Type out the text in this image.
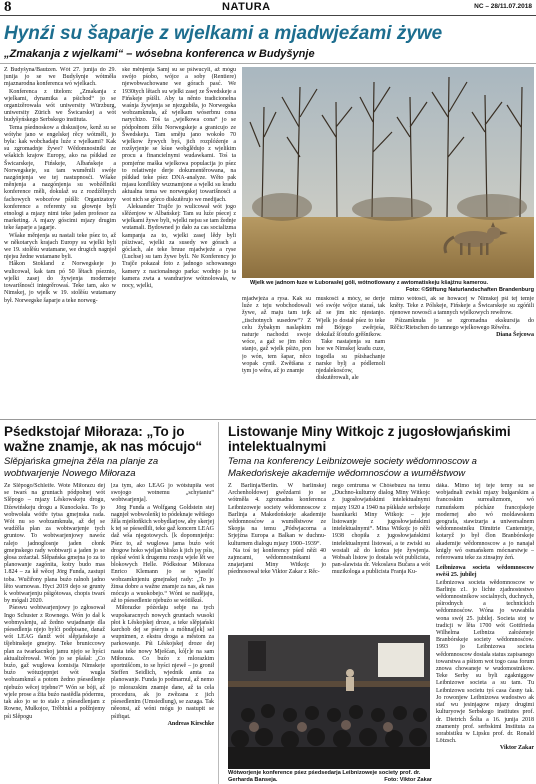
8	NATURA	NC – 28/11.07.2018
Hynźi su šaparje z wjelkami a mjadwjeźami żywe
„Zmakanja z wjelkami“ – wósebna konferenca w Budyšynje

Z Budyšyna/Bautzen. Wót 27. junija do 29. junija jo se we Budyšynje wótměła mjaznarodna konferenca wó wjelkach.

Konferenca z titelom: „Zmakanja z wjelkami, dynamika a pśichod“ jo se organizěrowała wót uniwersity Würzburg, uniwersity Zürich we Šwicarskej a wót budyšyńskego Serbskego instituta.

Tema pśednoskow a diskusijow, kenž su se wótyhe jano w engelskej rěcy wótměli, jo była: kak wobchadaju luźe z wjelkami? Kak su zgromadnje žywe? Wědomnostniki ze wšakich krajow Europy, ako na pśikład ze Šwicarskeje, Fińskeje, Albańskeje a Norwegskeje, su tam wuměnili swóje nazgónjenja we tej nastupnosći. Wšake měnjenja a nazgónjenja su wobźělniki konference měli, dokulaž su z rozdźělnych fachowych wobceŕow pśišli: Organizatory konference a referenty su głownje byli etnologi a mjazy nimi teke jaden profesor za marketing. A mjazy góscimi mjazy drugim teke šaparje a jagarje.

Wšake měnjenja su nastali teke pśez to, až w někotarych krajach Europy su wjelki byli we 19. stolěśu wutamane, we drugich nagnjeł njejsu žedne wutamane byli.

Håkon Stokland z Norwegskeje jo wulicował, kak tam pó 50 lětach pśeznio, wjelki zasej do žywjenja moderneje towarišnosći integrěrowaś. Teke tam, ako w Nimskej, jo wjelk w 19. stolěśu wutamany był. Norwegske šaparje a teke norweg-

ske měnjenja Samj su se pśiwucyli, až mógu swójo pśobo, wójce a soby (Rentiere) njewobwachowane we górach pasć. We 1930tych lětach su wjelki zasej ze Šwedskeje a Fińskeje pśišli. Aby ta něnto tradicionelna waśnja žywjenja se njezgubiła, jo Norwegska wobzamknuła, až wjelkam wóserbnu cona narychizo. Toś ta „wjelkowa cona“ jo se pódpołnom źělu Norwegskeje a granicujo ze Šwedskeju. Tam směju jano wokoło 70 wjelkow žywych byś, jich rozplóźenje a rozšyrjenje se kśue wobglědujo z wjelikim procu a financielnymi wudawkami. Toś ta pomjeŕne maška wjelkowa populacija jo pśez to relatiwnje derje dokumentěrowana, na pśikład teke pśez DNA-analyze. Wěto pak mjasu konflikty wuznamjone a wjelki su kradu aktualna tema we norwegskej towarišnosći a wot nich se górco diskutěrujo we medijach.

Aleksander Trajče jo wulicował wót jogo slěźenjow w Albańskej: Tam su luźe pśecej z wjelkami žywe byli, wjelki nejsu se tam žednje wutamali. Bydowned jo dało za cas socializma kampanja za to, wjelki zasej lědy byli pśiziwać, wjelki za susedy we górach a góclach, ale teke bruue mjadwjeźe a ryse (Luchse) su tam žywe byli. Ne Konferency jo Trajče pokazał foto z jadnogo schowanego kamery z nacionalnego parka: wodnjo jo ta kamera zwta a wandrarjow wótnolowała, w nocy, wjelki,

Wjelk we jadnom łuze w Łuborasłej góli, wótnotlowany z awtomatiskeju kšajźnu kamerou.
Foto: ©Stiftung Naturlandschaften Brandenburg

mjadwjeźa a rysa. Kak su luźe z teju wobchodowali žywe, až maju tam tejk „tischotnych susedow“? Z celu žybakym naslapkim naturje nachodzi swoje wóce, a gaž se jim něco stanjo, gaž wjelk pśiżo, pon jo wón, tem šapar, něco wopak cynił. Zwětšana z tym jo wěra, až jo znamje

muskosći a mócy, se derje wó swóje wójce staraś, tak až se jim nic njestanjo. Wjelk jo dostał pśez to teke mě Bójego zwěrjeśa, dokulaž šťotufo grěšnikow.

Take nastajenja su nam hoe we Nimskej kradu cuze, togodla su pśishachanje narske bylj a pódlemoli njedalekosćow, diskutěrowali, ale

mimo wótosći, ak se howacej w Nimskej pśi tej temje kněty. Teke z Pólskeje, Fińskeje a Šwicarskeje su zgóńili njenowe nowosći a tamnych wjelkowych rewěrow.

Pśizamknuła jo se zgromadna ekskursija do Rěčic/Rietschen do tamnego wjelkowego Rěwěra.

Diana Šejcowa

Pśedkstojaŕ Miłoraza: „To jo wažne znamje, ak nas mócujo“
Slěpjańska gmejna žěla na planje za wobtwarjenje Nowego Miłoraza

Ze Slěpogo/Schleife. Wote Miłorazu dej se twarś na gruntach pódpołnej wót Slěpogo – mjazy Lěskowskeju drogu, Dźewińskeju drogu a Kunocksku. To jo wobwołała wótře tytsa gmejnska rada. Wót nu so wobzamknuła, až dej se wudźěla plan za wobtwarjenje tych gruntow. To wobtwarjenjowy nawóz ralejo jadnoglosnje jaden cłonk gmejnskego rady wobtwarji a jaden jo se głosa zeźarżał. Slěpańska gmejna jo za to planowanje zagónita, kotry budo mas 1.824 – za kě wěcej Jörg Funda, zastupi toba. Wučiřony plana buźo ralnoh jadno lěto warnowas. Hyci 2019 dejo se grunty k wobtwarjenju pśigótowas, chopis twarś by mógali 2020.

Pśeswu wobtwarjenjowy jo zgłosował Ingo Schuster z Rownego. Wón jo dał k wobmyslenju, až žedno wujadnanje dla pśesedlenja njejo bylći podpisane, danaž wót LEAG daniž wót slěpjańskeje a tšjebinskeje gmejny. Teke bruniccowy plan za twarkacnkoj jamu njejo se hyści aktualizěrował. Wón jo se pšašał: „Co buźo, gaž wuglowa komisija Nimskeje buźo wótuzjepnjet wót wugla wobzamknuš a potom žedno pśesedlenje njebuźo wěcej trjebne?“ Wón se bóji, až wjele prose a žita buźo nastědla pódermu, tak ako jo se to stalo z pśesedlenjam z Rowne, Mułkojce, Trěbinki a połžnjemy pśi Slěpogu

[za tym, ako LEAG jo wótstupiła wot swojogo wotnemu „schytaniu“ wobtwarjenja].

Jörg Funda a Wolfgang Goldstein stej nagnjeł wobwoleńkj to pódeknaje wětšego žěla mještoňkich wobydlarjow, aby skerjej k tej se pśesedlili, teke gaž koncern LEAG daž wša njegotowych. [k dopomnjeńju: Pśez to, až wuglowa jama buźo wót drogow hoko wjeljan blisko k jich jsy pśis, njeksé wóni k drugemu rozsju wjele lět we blokowych Helle. Pódkstoar Miłoraza Enrico Klemann jo se wjaseliť wobzamknjeniu gmejnskej rady: „To jo žinsa dobre a wažne znamje za nas, ak nas mócujo a wuokobejo.“ Wóni se nadějaju, až to pśesedlenie njebuźo se wótiškuś.

Miłorazke późedaju sebje na tych wupokaracnych nowych gruntach wusoki płot k Lěskojskej droze, a teke slěpjański karchob dej se pśeryis a móhnaj[ek] sel wupnimen, z ekstra droga a městom za parkowanje. Pśi Lěskojskej droze dej nasta teke nowy Mješćan, kó[r]e na sam Miłoraza. Co buźo z mlorazkim sportnišćom, to se hyści njewě – jo gronił Steffen Seidlich, wjednik amta za planowanje. Funda jo podmarnul, až nemo jo mlorazskim znamje dane, až ta cela procedura, ak jo zwězana z jich pśesedlenim (Umsiedlung), se zazaga. Tak něeonsi, až wóni mógu jo nastupit se pśifiqat.

Andreas Kirschke

Listowanje Miny Witkojc z jugosłowjańskimi intelektualnymi
Tema na konferency Leibnizoweje society wědomnoscow a Makedońskeje akademije wědomnosćow a wuměłstwow

Z Barlinja/Berlin. W barlinskej Archenholdowej gwězdarni jo se wótměła 4. zgromadna konferenca Leibnizoweje society wědomnoscow z Barlinja a Makedońskeje akademije wědomnosćow a wuměłstwow ze Skopja na temu „Pódwjacorna a Srjejźna Europa a Balkan w duchnu-kulturnem dialogu mjazy 1900–1939“.

Na toś tej konferency pśed něźi 40 zajmcami, wědomnostnikami a znajarjami Miny Witkojc jo pśednosował teke Viktor Zakar z Rěc-

nego centruma w Chóśebuzu na temu „Duchno-kulturny dialog Miny Witkojc z jugosłowjańskimi intelektualnymi mjazy 1920 a 1940 na pśikłaźe serbskeje basnikarki Miny Witkojc – jeje listowanje z jugosłowjańskimi intelektualnymi“. Mina Witkojc jo něži 1938 chopiła z jugosłowjańskimi intelektualnymi listowaś, a te zwiski su wostali až do końca jeje žywjenja. Wobsah listow jo dostała wót publicista, pan-slawista dr. Vekoslava Bučara a wót muzikologa a publicista Franja Ku-

dáka. Mimo tej teje temy su se wobjadnali zwiski mjazy bulgarskim a francoskim surrealizmom, wó rumuńskem pócháze francojskeje modernej abo wó moldawskem geografa, stawizarja a uniwersalnem wědomnostniku Dimitrie Cantemirje, kotaryž jo był člon Branbórskeje akademije wědomnoscow a jo nanajał knigly wó osmańskem mócnarstwje – referowanu teke za zinsajny źeń.

Leibnizowa societa wědomnoscow swěśi 25. jubilej

Leibnizowa societa wědomnoscow w Barlinju z1. jo lichte zjadnostestwo wědomnostnikow socialnych, duchnych, pśirodnych a technickich wědomnosćow. Wóna jo wuwabiła wona swój 25. jubilej. Societa stoj w tradicji w lěta 1700 wót Gottfrieda Wilhelma Leibniza załoźeneje Branbórskeje society wědomnosćow. 1993 jo Leibnizowa societa wědomnoscow dostała status zapisanego towarstwa a pśitom wot togo casa forum znowa chowaneje w wudomostnikow. Teke Serby su byli zgakniggow Leibnizowe societa a su tam. Tu Leibnizowu societu tyś casa časny tak. Jo rowonjew Leibnizowa wudostwo ak stať wu jesinjagow mjazy drugimi kulturyowje Serbskego institutes prof. dr. Dietrich Šolta a 16. junija 2018 znamenty prof. serbskimi Instituta za sorabistiku w Lipsku prof. dr. Ronald Lötzsch.

Viktor Zakar

Wótworjenje konference pśez pśedsedarja Leibnizoweje society prof. dr. Gerharda Banseja.	Foto: Viktor Zakar
